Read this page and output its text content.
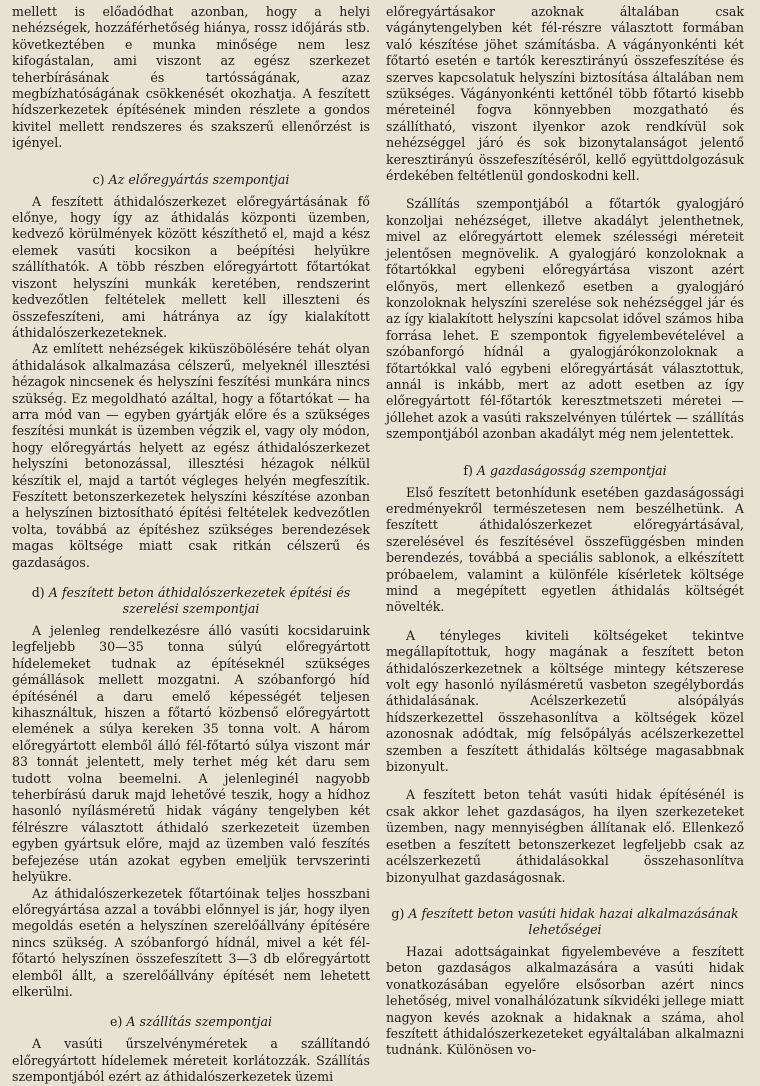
mellett is előadódhat azonban, hogy a helyi nehézségek, hozzáférhetőség hiánya, rossz időjárás stb. következtében e munka minősége nem lesz kifogástalan, ami viszont az egész szerkezet teherbírásának és tartósságának, azaz megbízhatóságának csökkenését okozhatja. A feszített hídszerkezetek építésének minden részlete a gondos kivitel mellett rendszeres és szakszerű ellenőrzést is igényel.

c) Az előregyártás szempontjai

A feszített áthidalószerkezet előregyártásának fő előnye, hogy így az áthidalás központi üzemben, kedvező körülmények között készíthető el, majd a kész elemek vasúti kocsikon a beépítési helyükre szállíthatók. A több részben előregyártott főtartókat viszont helyszíni munkák keretében, rendszerint kedvezőtlen feltételek mellett kell illeszteni és összefeszíteni, ami hátránya az így kialakított áthidalószerkezeteknek.

Az említett nehézségek kiküszöbölésére tehát olyan áthidalások alkalmazása célszerű, melyeknél illesztési hézagok nincsenek és helyszíni feszítési munkára nincs szükség. Ez megoldható azáltal, hogy a főtartókat — ha arra mód van — egyben gyártják előre és a szükséges feszítési munkát is üzemben végzik el, vagy oly módon, hogy előregyártás helyett az egész áthidalószerkezet helyszíni betonozással, illesztési hézagok nélkül készítik el, majd a tartót végleges helyén megfeszítik. Feszített betonszerkezetek helyszíni készítése azonban a helyszínen biztosítható építési feltételek kedvezőtlen volta, továbbá az építéshez szükséges berendezések magas költsége miatt csak ritkán célszerű és gazdaságos.

d) A feszített beton áthidalószerkezetek építési és szerelési szempontjai

A jelenleg rendelkezésre álló vasúti kocsidaruink legfeljebb 30—35 tonna súlyú előregyártott hídelemeket tudnak az építéseknél szükséges gémállások mellett mozgatni. A szóbanforgó híd építésénél a daru emelő képességét teljesen kihasználtuk, hiszen a főtartó közbenső előregyártott elemének a súlya kereken 35 tonna volt. A három előregyártott elemből álló fél-főtartó súlya viszont már 83 tonnát jelentett, mely terhet még két daru sem tudott volna beemelni. A jelenleginél nagyobb teherbírású daruk majd lehetővé teszik, hogy a hídhoz hasonló nyílásméretű hidak vágány tengelyben két félrészre választott áthidaló szerkezeteit üzemben egyben gyártsuk előre, majd az üzemben való feszítés befejezése után azokat egyben emeljük tervszerinti helyükre.

Az áthidalószerkezetek főtartóinak teljes hosszbani előregyártása azzal a további előnnyel is jár, hogy ilyen megoldás esetén a helyszínen szerelőállvány építésére nincs szükség. A szóbanforgó hídnál, mivel a két fél-főtartó helyszínen összefeszített 3—3 db előregyártott elemből állt, a szerelőállvány építését nem lehetett elkerülni.

e) A szállítás szempontjai

A vasúti űrszelvényméretek a szállítandó előregyártott hídelemek méreteit korlátozzák. Szállítás szempontjából ezért az áthidalószerkezetek üzemi

előregyártásakor azoknak általában csak vágánytengelyben két fél-részre választott formában való készítése jöhet számításba. A vágányonkénti két főtartó esetén e tartók keresztirányú összefeszítése és szerves kapcsolatuk helyszíni biztosítása általában nem szükséges. Vágányonkénti kettőnél több főtartó kisebb méreteinél fogva könnyebben mozgatható és szállítható, viszont ilyenkor azok rendkívül sok nehézséggel járó és sok bizonytalanságot jelentő keresztirányú összefeszítéséről, kellő együttdolgozásuk érdekében feltétlenül gondoskodni kell.

Szállítás szempontjából a főtartók gyalogjáró konzoljai nehézséget, illetve akadályt jelenthetnek, mivel az előregyártott elemek szélességi méreteit jelentősen megnövelik. A gyalogjáró konzoloknak a főtartókkal egybeni előregyártása viszont azért előnyös, mert ellenkező esetben a gyalogjáró konzoloknak helyszíni szerelése sok nehézséggel jár és az így kialakított helyszíni kapcsolat idővel számos hiba forrása lehet. E szempontok figyelembevételével a szóbanforgó hídnál a gyalogjárókonzoloknak a főtartókkal való egybeni előregyártását választottuk, annál is inkább, mert az adott esetben az így előregyártott fél-főtartók keresztmetszeti méretei — jóllehet azok a vasúti rakszelvényen túlértek — szállítás szempontjából azonban akadályt még nem jelentettek.

f) A gazdaságosság szempontjai

Első feszített betonhídunk esetében gazdaságossági eredményekről természetesen nem beszélhetünk. A feszített áthidalószerkezet előregyártásával, szerelésével és feszítésével összefüggésben minden berendezés, továbbá a speciális sablonok, a elkészített próbaelem, valamint a különféle kísérletek költsége mind a megépített egyetlen áthidalás költségét növelték.

A tényleges kiviteli költségeket tekintve megállapítottuk, hogy magának a feszített beton áthidalószerkezetnek a költsége mintegy kétszerese volt egy hasonló nyílásméretű vasbeton szegélybordás áthidalásának. Acélszerkezetű alsópályás hídszerkezettel összehasonlítva a költségek közel azonosnak adódtak, míg felsőpályás acélszerkezettel szemben a feszített áthidalás költsége magasabbnak bizonyult.

A feszített beton tehát vasúti hidak építésénél is csak akkor lehet gazdaságos, ha ilyen szerkezeteket üzemben, nagy mennyiségben állítanak elő. Ellenkező esetben a feszített betonszerkezet legfeljebb csak az acélszerkezetű áthidalásokkal összehasonlítva bizonyulhat gazdaságosnak.

g) A feszített beton vasúti hidak hazai alkalmazásának lehetőségei

Hazai adottságainkat figyelembevéve a feszített beton gazdaságos alkalmazására a vasúti hidak vonatkozásában egyelőre elsősorban azért nincs lehetőség, mivel vonalhálózatunk síkvidéki jellege miatt nagyon kevés azoknak a hidaknak a száma, ahol feszített áthidalószerkezeteket egyáltalában alkalmazni tudnánk. Különösen vo-
